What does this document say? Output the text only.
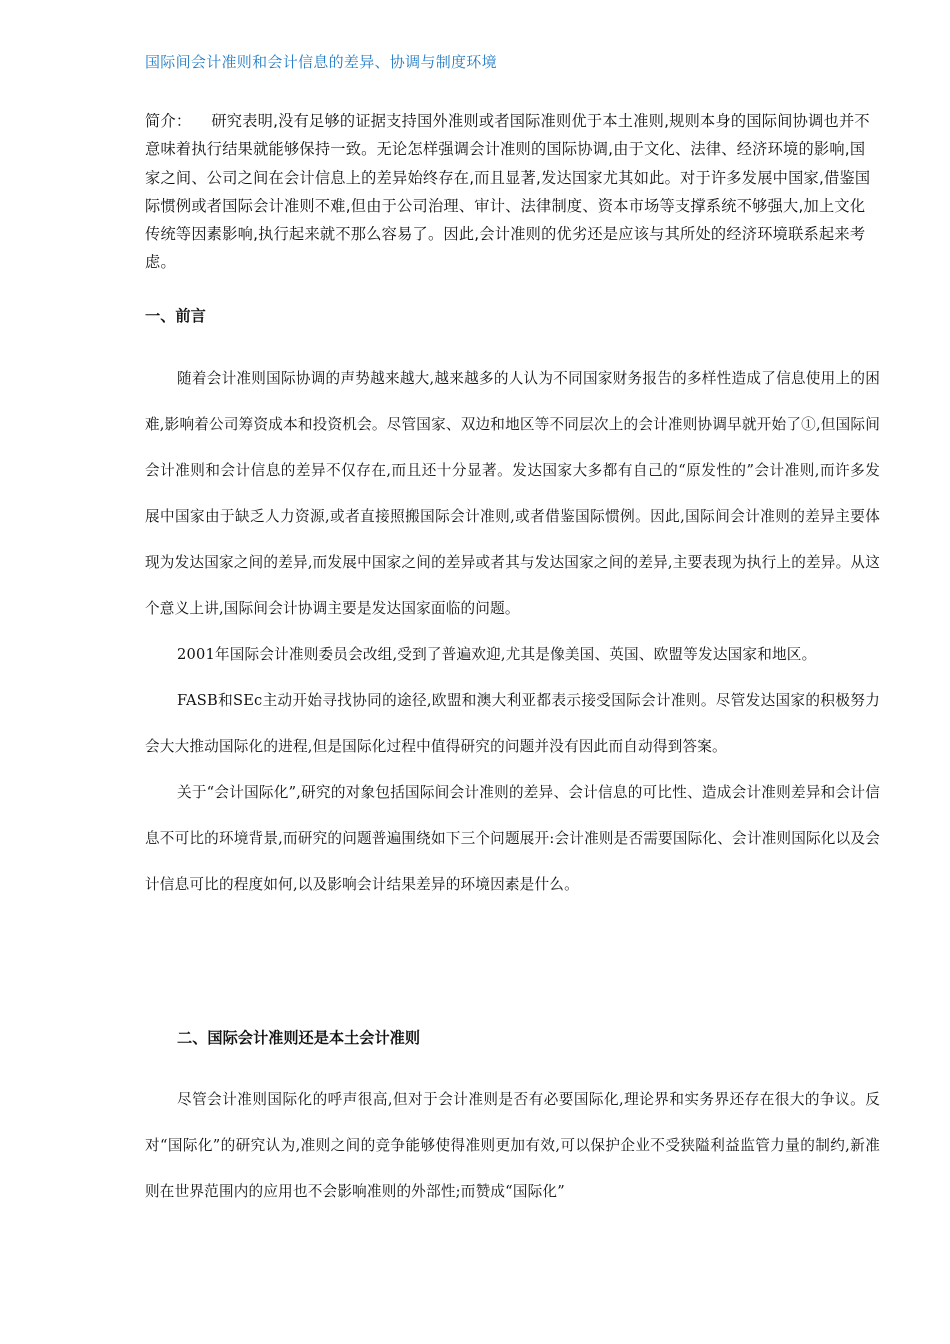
国际间会计准则和会计信息的差异、协调与制度环境
简介： 研究表明,没有足够的证据支持国外准则或者国际准则优于本土准则,规则本身的国际间协调也并不意味着执行结果就能够保持一致。无论怎样强调会计准则的国际协调,由于文化、法律、经济环境的影响,国家之间、公司之间在会计信息上的差异始终存在,而且显著,发达国家尤其如此。对于许多发展中国家,借鉴国际惯例或者国际会计准则不难,但由于公司治理、审计、法律制度、资本市场等支撑系统不够强大,加上文化传统等因素影响,执行起来就不那么容易了。因此,会计准则的优劣还是应该与其所处的经济环境联系起来考虑。
一、前言

随着会计准则国际协调的声势越来越大,越来越多的人认为不同国家财务报告的多样性造成了信息使用上的困难,影响着公司筹资成本和投资机会。尽管国家、双边和地区等不同层次上的会计准则协调早就开始了①,但国际间会计准则和会计信息的差异不仅存在,而且还十分显著。发达国家大多都有自己的“原发性的”会计准则,而许多发展中国家由于缺乏人力资源,或者直接照搬国际会计准则,或者借鉴国际惯例。因此,国际间会计准则的差异主要体现为发达国家之间的差异,而发展中国家之间的差异或者其与发达国家之间的差异,主要表现为执行上的差异。从这个意义上讲,国际间会计协调主要是发达国家面临的问题。

2001年国际会计准则委员会改组,受到了普遍欢迎,尤其是像美国、英国、欧盟等发达国家和地区。

FASB和SEc主动开始寻找协同的途径,欧盟和澳大利亚都表示接受国际会计准则。尽管发达国家的积极努力会大大推动国际化的进程,但是国际化过程中值得研究的问题并没有因此而自动得到答案。

关于“会计国际化”,研究的对象包括国际间会计准则的差异、会计信息的可比性、造成会计准则差异和会计信息不可比的环境背景,而研究的问题普遍围绕如下三个问题展开:会计准则是否需要国际化、会计准则国际化以及会计信息可比的程度如何,以及影响会计结果差异的环境因素是什么。

二、国际会计准则还是本土会计准则

尽管会计准则国际化的呼声很高,但对于会计准则是否有必要国际化,理论界和实务界还存在很大的争议。反对“国际化”的研究认为,准则之间的竞争能够使得准则更加有效,可以保护企业不受狭隘利益监管力量的制约,新准则在世界范围内的应用也不会影响准则的外部性;而赞成“国际化”
